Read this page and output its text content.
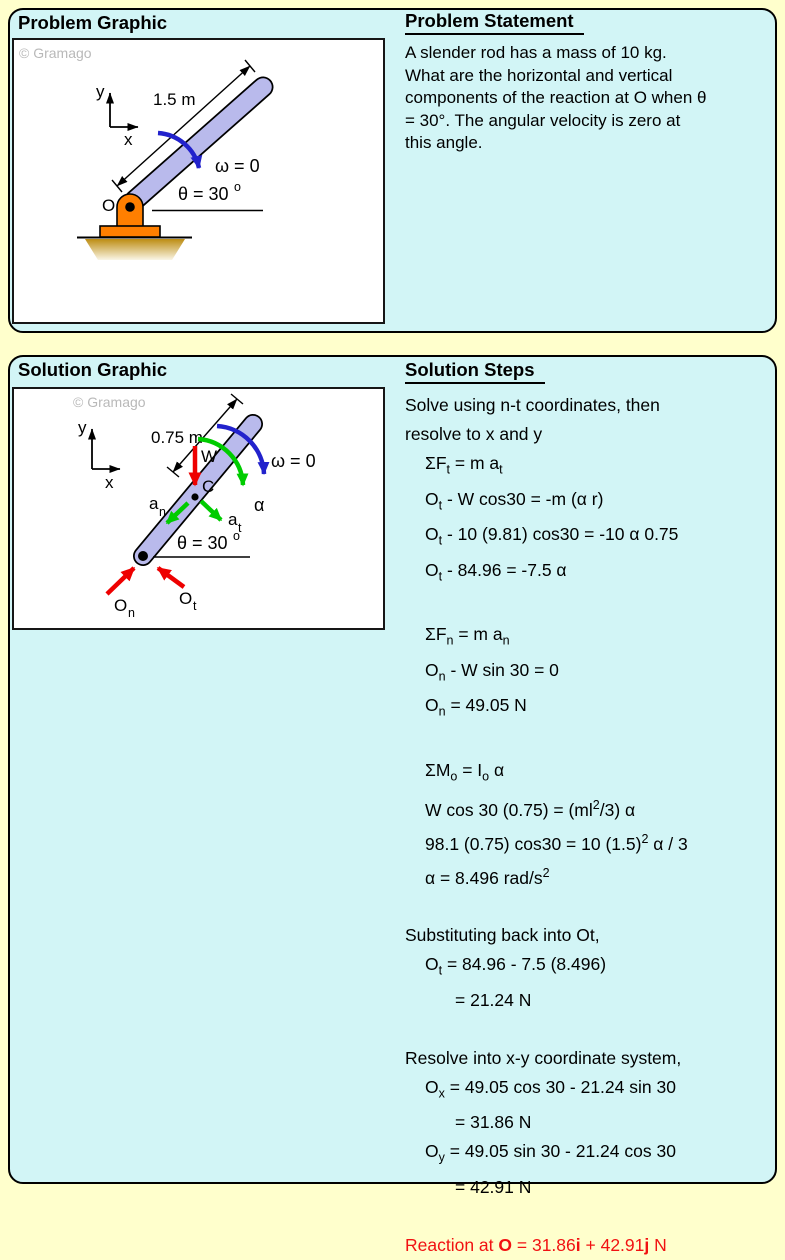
Problem Graphic
© Gramago
1.5 m
y
x
ω = 0
θ = 30 o
O
Problem Statement
A slender rod has a mass of 10 kg.
What are the horizontal and vertical
components of the reaction at O when θ
= 30°. The angular velocity is zero at
this angle.
Solution Graphic
© Gramago
0.75 m
y
x
ω = 0
α
W
a n	a t
C
θ = 30 o
O n
O t
Solution Steps
Solve using n-t coordinates, then
resolve to x and y
$\Sigma F_t = m$ $a_t$
$O_t$ - W cos30 = -m (α r)
$O_t - 10$ (9.81) cos30 = -10 α 0.75
$O_t - 84.96 = -7.5$ α
$\Sigma F_n = m$ $a_n$
$O_n$ - W sin 30 = 0
$O_n = 49.05$ N
$\Sigma M_o = I_o$ α
W cos 30 $(0.75) = (ml^2/3)$ α
98.1 (0.75) cos30 = 10 $(1.5)^2$ α / 3
α = 8.496 rad/$s^2$
Substituting back into Ot,
$O_t = 84.96 - 7.5$ (8.496)
= 21.24 N
Resolve into x-y coordinate system,
$O_x = 49.05$ cos 30 - 21.24 sin 30
= 31.86 N
$O_y = 49.05$ sin 30 - 21.24 cos 30
= 42.91 N
Reaction at O = 31.86i + 42.91j N
